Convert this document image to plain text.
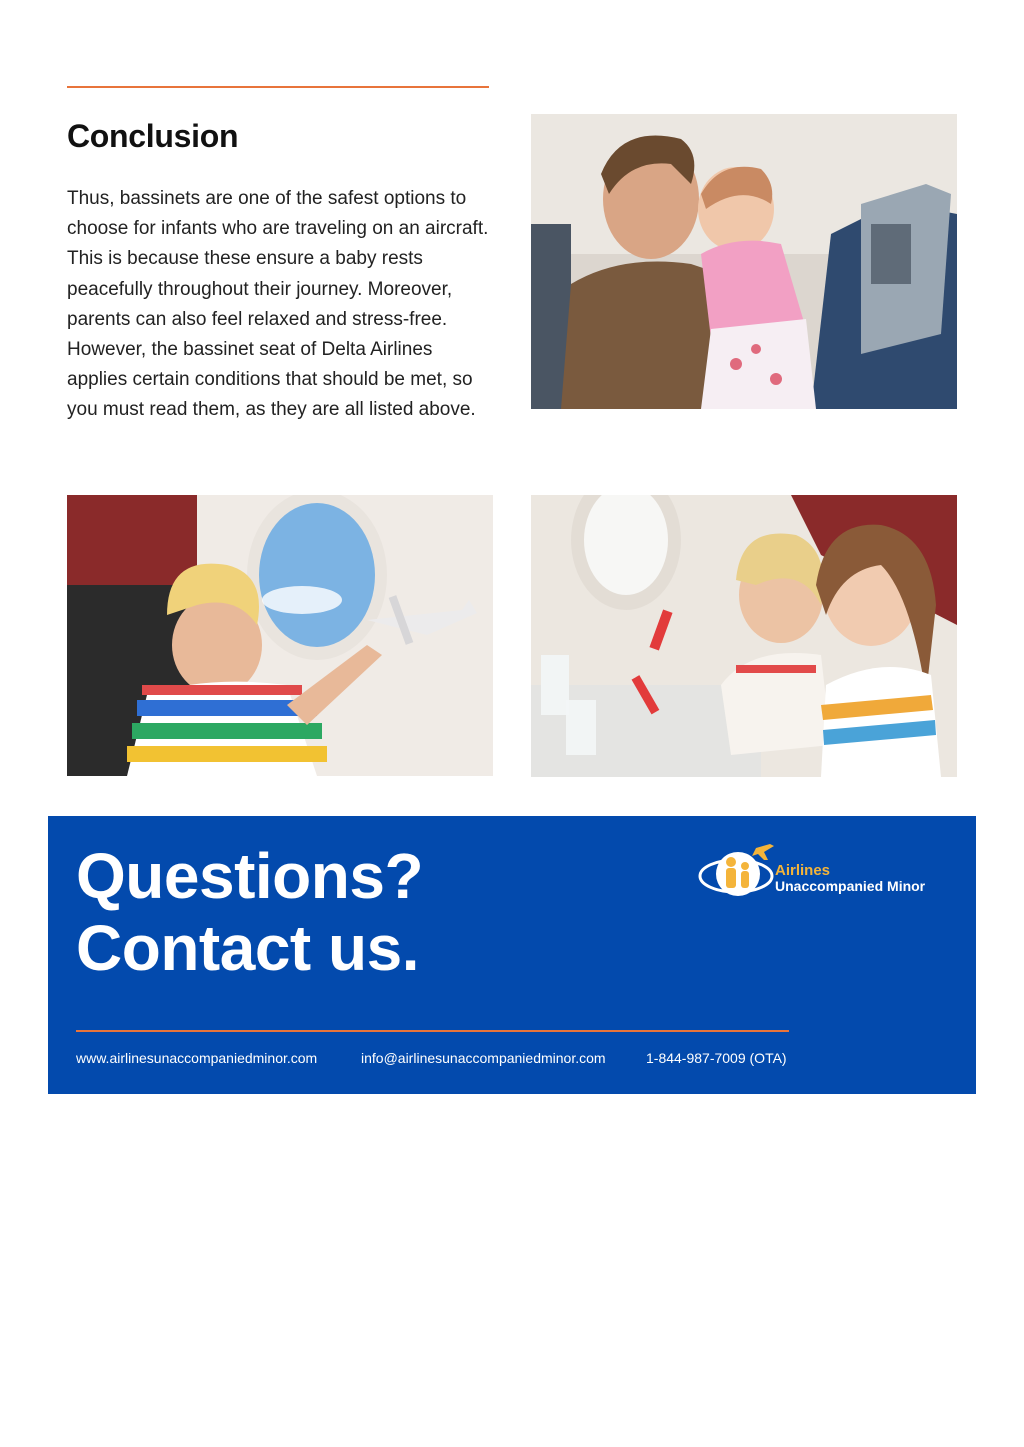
Conclusion

Thus, bassinets are one of the safest options to choose for infants who are traveling on an aircraft. This is because these ensure a baby rests peacefully throughout their journey. Moreover, parents can also feel relaxed and stress-free. However, the bassinet seat of Delta Airlines applies certain conditions that should be met, so you must read them, as they are all listed above.

Questions?
Contact us.
Airlines
Unaccompanied Minor
www.airlinesunaccompaniedminor.com	info@airlinesunaccompaniedminor.com	1-844-987-7009 (OTA)
